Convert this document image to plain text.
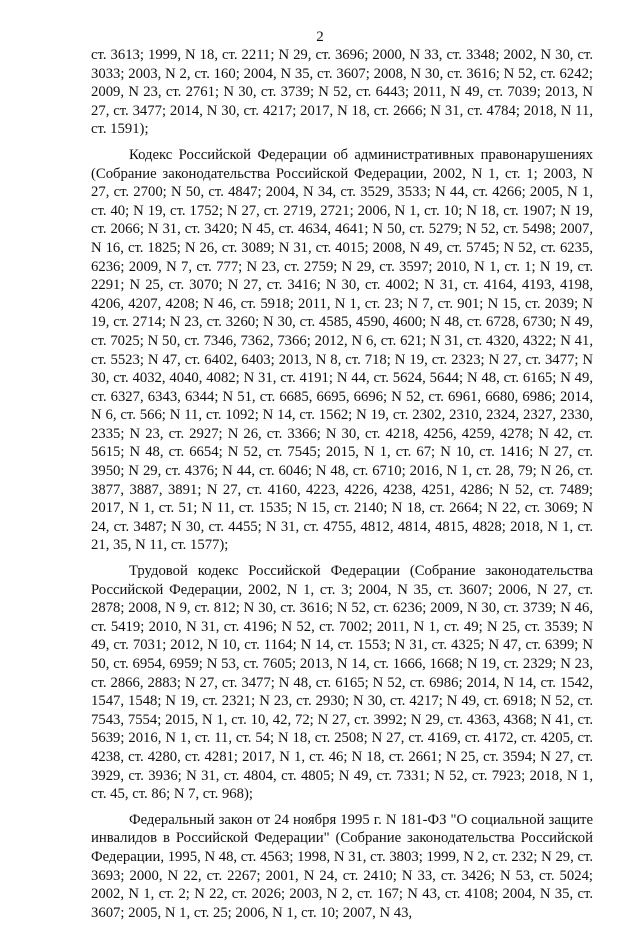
2

ст. 3613; 1999, N 18, ст. 2211; N 29, ст. 3696; 2000, N 33, ст. 3348; 2002, N 30, ст. 3033; 2003, N 2, ст. 160; 2004, N 35, ст. 3607; 2008, N 30, ст. 3616; N 52, ст. 6242; 2009, N 23, ст. 2761; N 30, ст. 3739; N 52, ст. 6443; 2011, N 49, ст. 7039; 2013, N 27, ст. 3477; 2014, N 30, ст. 4217; 2017, N 18, ст. 2666; N 31, ст. 4784; 2018, N 11, ст. 1591);

Кодекс Российской Федерации об административных правонарушениях (Собрание законодательства Российской Федерации, 2002, N 1, ст. 1; 2003, N 27, ст. 2700; N 50, ст. 4847; 2004, N 34, ст. 3529, 3533; N 44, ст. 4266; 2005, N 1, ст. 40; N 19, ст. 1752; N 27, ст. 2719, 2721; 2006, N 1, ст. 10; N 18, ст. 1907; N 19, ст. 2066; N 31, ст. 3420; N 45, ст. 4634, 4641; N 50, ст. 5279; N 52, ст. 5498; 2007, N 16, ст. 1825; N 26, ст. 3089; N 31, ст. 4015; 2008, N 49, ст. 5745; N 52, ст. 6235, 6236; 2009, N 7, ст. 777; N 23, ст. 2759; N 29, ст. 3597; 2010, N 1, ст. 1; N 19, ст. 2291; N 25, ст. 3070; N 27, ст. 3416; N 30, ст. 4002; N 31, ст. 4164, 4193, 4198, 4206, 4207, 4208; N 46, ст. 5918; 2011, N 1, ст. 23; N 7, ст. 901; N 15, ст. 2039; N 19, ст. 2714; N 23, ст. 3260; N 30, ст. 4585, 4590, 4600; N 48, ст. 6728, 6730; N 49, ст. 7025; N 50, ст. 7346, 7362, 7366; 2012, N 6, ст. 621; N 31, ст. 4320, 4322; N 41, ст. 5523; N 47, ст. 6402, 6403; 2013, N 8, ст. 718; N 19, ст. 2323; N 27, ст. 3477; N 30, ст. 4032, 4040, 4082; N 31, ст. 4191; N 44, ст. 5624, 5644; N 48, ст. 6165; N 49, ст. 6327, 6343, 6344; N 51, ст. 6685, 6695, 6696; N 52, ст. 6961, 6680, 6986; 2014, N 6, ст. 566; N 11, ст. 1092; N 14, ст. 1562; N 19, ст. 2302, 2310, 2324, 2327, 2330, 2335; N 23, ст. 2927; N 26, ст. 3366; N 30, ст. 4218, 4256, 4259, 4278; N 42, ст. 5615; N 48, ст. 6654; N 52, ст. 7545; 2015, N 1, ст. 67; N 10, ст. 1416; N 27, ст. 3950; N 29, ст. 4376; N 44, ст. 6046; N 48, ст. 6710; 2016, N 1, ст. 28, 79; N 26, ст. 3877, 3887, 3891; N 27, ст. 4160, 4223, 4226, 4238, 4251, 4286; N 52, ст. 7489; 2017, N 1, ст. 51; N 11, ст. 1535; N 15, ст. 2140; N 18, ст. 2664; N 22, ст. 3069; N 24, ст. 3487; N 30, ст. 4455; N 31, ст. 4755, 4812, 4814, 4815, 4828; 2018, N 1, ст. 21, 35, N 11, ст. 1577);

Трудовой кодекс Российской Федерации (Собрание законодательства Российской Федерации, 2002, N 1, ст. 3; 2004, N 35, ст. 3607; 2006, N 27, ст. 2878; 2008, N 9, ст. 812; N 30, ст. 3616; N 52, ст. 6236; 2009, N 30, ст. 3739; N 46, ст. 5419; 2010, N 31, ст. 4196; N 52, ст. 7002; 2011, N 1, ст. 49; N 25, ст. 3539; N 49, ст. 7031; 2012, N 10, ст. 1164; N 14, ст. 1553; N 31, ст. 4325; N 47, ст. 6399; N 50, ст. 6954, 6959; N 53, ст. 7605; 2013, N 14, ст. 1666, 1668; N 19, ст. 2329; N 23, ст. 2866, 2883; N 27, ст. 3477; N 48, ст. 6165; N 52, ст. 6986; 2014, N 14, ст. 1542, 1547, 1548; N 19, ст. 2321; N 23, ст. 2930; N 30, ст. 4217; N 49, ст. 6918; N 52, ст. 7543, 7554; 2015, N 1, ст. 10, 42, 72; N 27, ст. 3992; N 29, ст. 4363, 4368; N 41, ст. 5639; 2016, N 1, ст. 11, ст. 54; N 18, ст. 2508; N 27, ст. 4169, ст. 4172, ст. 4205, ст. 4238, ст. 4280, ст. 4281; 2017, N 1, ст. 46; N 18, ст. 2661; N 25, ст. 3594; N 27, ст. 3929, ст. 3936; N 31, ст. 4804, ст. 4805; N 49, ст. 7331; N 52, ст. 7923; 2018, N 1, ст. 45, ст. 86; N 7, ст. 968);

Федеральный закон от 24 ноября 1995 г. N 181-ФЗ "О социальной защите инвалидов в Российской Федерации" (Собрание законодательства Российской Федерации, 1995, N 48, ст. 4563; 1998, N 31, ст. 3803; 1999, N 2, ст. 232; N 29, ст. 3693; 2000, N 22, ст. 2267; 2001, N 24, ст. 2410; N 33, ст. 3426; N 53, ст. 5024; 2002, N 1, ст. 2; N 22, ст. 2026; 2003, N 2, ст. 167; N 43, ст. 4108; 2004, N 35, ст. 3607; 2005, N 1, ст. 25; 2006, N 1, ст. 10; 2007, N 43,
